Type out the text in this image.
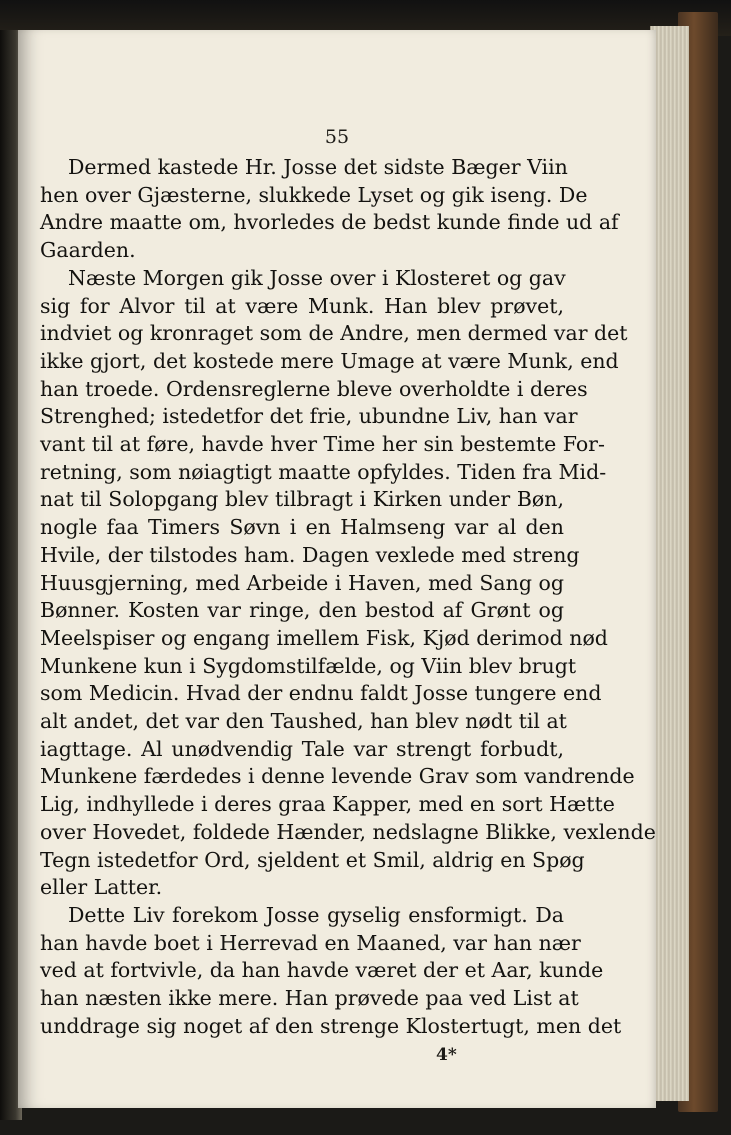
55
Dermed kastede Hr. Josse det sidste Bæger Viin
hen over Gjæsterne, slukkede Lyset og gik iseng. De
Andre maatte om, hvorledes de bedst kunde finde ud af
Gaarden.
Næste Morgen gik Josse over i Klosteret og gav
sig for Alvor til at være Munk. Han blev prøvet,
indviet og kronraget som de Andre, men dermed var det
ikke gjort, det kostede mere Umage at være Munk, end
han troede. Ordensreglerne bleve overholdte i deres
Strenghed; istedetfor det frie, ubundne Liv, han var
vant til at føre, havde hver Time her sin bestemte For-
retning, som nøiagtigt maatte opfyldes. Tiden fra Mid-
nat til Solopgang blev tilbragt i Kirken under Bøn,
nogle faa Timers Søvn i en Halmseng var al den
Hvile, der tilstodes ham. Dagen vexlede med streng
Huusgjerning, med Arbeide i Haven, med Sang og
Bønner. Kosten var ringe, den bestod af Grønt og
Meelspiser og engang imellem Fisk, Kjød derimod nød
Munkene kun i Sygdomstilfælde, og Viin blev brugt
som Medicin. Hvad der endnu faldt Josse tungere end
alt andet, det var den Taushed, han blev nødt til at
iagttage. Al unødvendig Tale var strengt forbudt,
Munkene færdedes i denne levende Grav som vandrende
Lig, indhyllede i deres graa Kapper, med en sort Hætte
over Hovedet, foldede Hænder, nedslagne Blikke, vexlende
Tegn istedetfor Ord, sjeldent et Smil, aldrig en Spøg
eller Latter.
Dette Liv forekom Josse gyselig ensformigt. Da
han havde boet i Herrevad en Maaned, var han nær
ved at fortvivle, da han havde været der et Aar, kunde
han næsten ikke mere. Han prøvede paa ved List at
unddrage sig noget af den strenge Klostertugt, men det
4*
